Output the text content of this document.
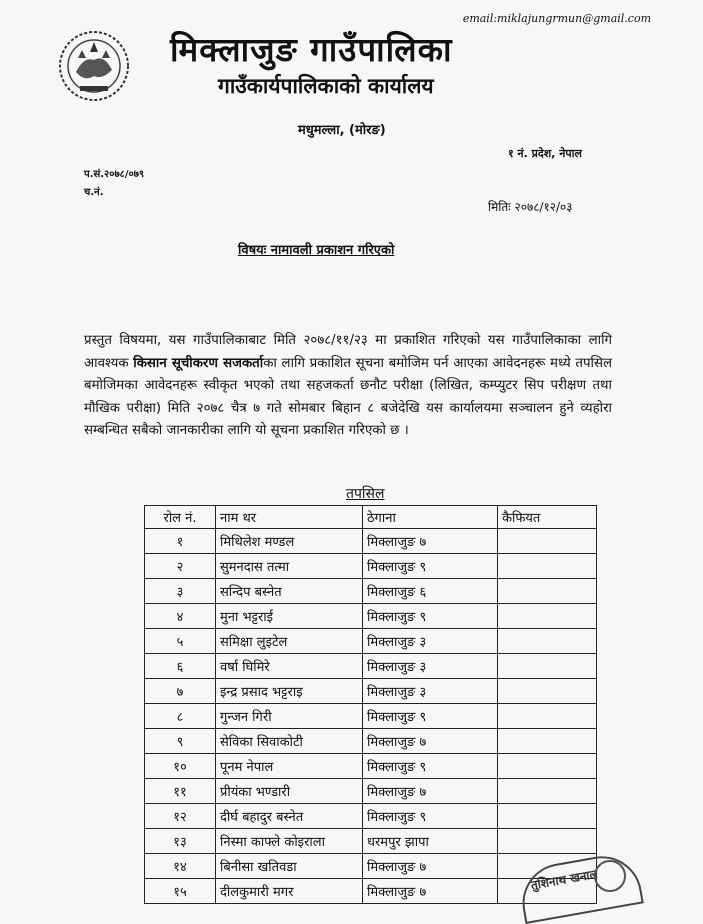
email:miklajungrmun@gmail.com
मिक्लाजुङ गाउँपालिका
गाउँकार्यपालिकाको कार्यालय
मधुमल्ला, (मोरङ)
१ नं. प्रदेश, नेपाल
प.सं.२०७८/०७९
च.नं.
मितिः २०७८/१२/०३
विषयः नामावली प्रकाशन गरिएको
प्रस्तुत विषयमा, यस गाउँपालिकाबाट मिति २०७८/११/२३ मा प्रकाशित गरिएको यस गाउँपालिकाका लागि आवश्यक किसान सूचीकरण सजकर्ताका लागि प्रकाशित सूचना बमोजिम पर्न आएका आवेदनहरू मध्ये तपसिल बमोजिमका आवेदनहरू स्वीकृत भएको तथा सहजकर्ता छनौट परीक्षा (लिखित, कम्प्युटर सिप परीक्षण तथा मौखिक परीक्षा) मिति २०७८ चैत्र ७ गते सोमबार बिहान ८ बजेदेखि यस कार्यालयमा सञ्चालन हुने व्यहोरा सम्बन्धित सबैको जानकारीका लागि यो सूचना प्रकाशित गरिएको छ ।
तपसिल
रोल नं.	नाम थर	ठेगाना	कैफियत
१	मिथिलेश मण्डल	मिक्लाजुङ ७	
२	सुमनदास तत्मा	मिक्लाजुङ ९	
३	सन्दिप बस्नेत	मिक्लाजुङ ६	
४	मुना भट्टराई	मिक्लाजुङ ९	
५	समिक्षा लुइटेल	मिक्लाजुङ ३	
६	वर्षा घिमिरे	मिक्लाजुङ ३	
७	इन्द्र प्रसाद भट्टराइ	मिक्लाजुङ ३	
८	गुन्जन गिरी	मिक्लाजुङ ९	
९	सेविका सिवाकोटी	मिक्लाजुङ ७	
१०	पूनम नेपाल	मिक्लाजुङ ९	
११	प्रीयंका भण्डारी	मिक्लाजुङ ७	
१२	दीर्घ बहादुर बस्नेत	मिक्लाजुङ ९	
१३	निस्मा काफ्ले कोइराला	धरमपुर झापा	
१४	बिनीसा खतिवडा	मिक्लाजुङ ७	
१५	दीलकुमारी मगर	मिक्लाजुङ ७	
तुशिनाथ खनाल
